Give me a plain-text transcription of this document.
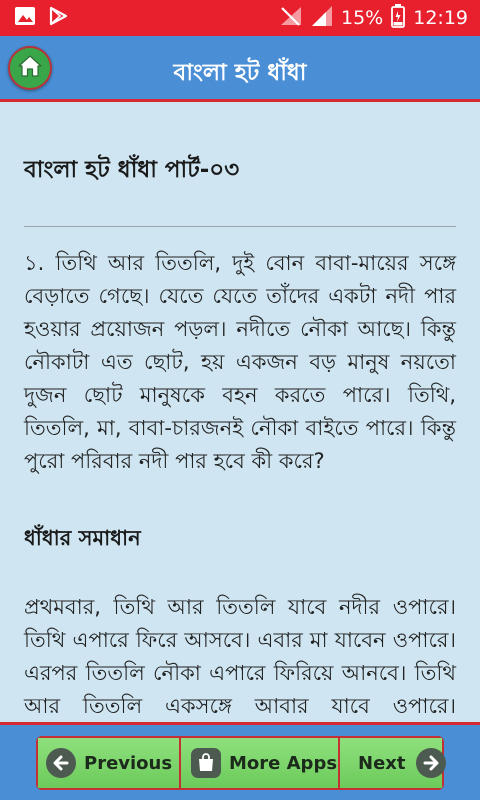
15% 12:19
বাংলা হট ধাঁধা
বাংলা হট ধাঁধা পার্ট-০৩

১. তিথি আর তিতলি, দুই বোন বাবা-মায়ের সঙ্গে বেড়াতে গেছে। যেতে যেতে তাঁদের একটা নদী পার হওয়ার প্রয়োজন পড়ল। নদীতে নৌকা আছে। কিন্তু নৌকাটা এত ছোট, হয় একজন বড় মানুষ নয়তো দুজন ছোট মানুষকে বহন করতে পারে। তিথি, তিতলি, মা, বাবা-চারজনই নৌকা বাইতে পারে। কিন্তু পুরো পরিবার নদী পার হবে কী করে?

ধাঁধার সমাধান

প্রথমবার, তিথি আর তিতলি যাবে নদীর ওপারে। তিথি এপারে ফিরে আসবে। এবার মা যাবেন ওপারে। এরপর তিতলি নৌকা এপারে ফিরিয়ে আনবে। তিথি আর তিতলি একসঙ্গে আবার যাবে ওপারে।

Previous	More Apps Next
